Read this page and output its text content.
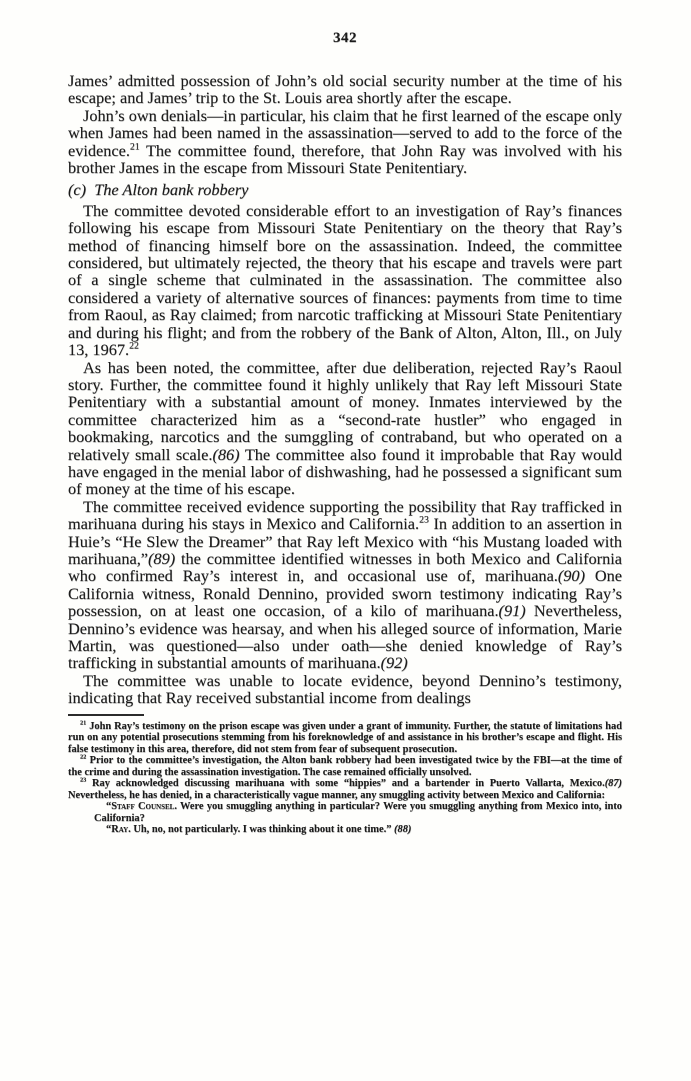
342

James’ admitted possession of John’s old social security number at the time of his escape; and James’ trip to the St. Louis area shortly after the escape.

John’s own denials—in particular, his claim that he first learned of the escape only when James had been named in the assassination—served to add to the force of the evidence.$^{21}$ The committee found, therefore, that John Ray was involved with his brother James in the escape from Missouri State Penitentiary.

(c) The Alton bank robbery

The committee devoted considerable effort to an investigation of Ray’s finances following his escape from Missouri State Penitentiary on the theory that Ray’s method of financing himself bore on the assassination. Indeed, the committee considered, but ultimately rejected, the theory that his escape and travels were part of a single scheme that culminated in the assassination. The committee also considered a variety of alternative sources of finances: payments from time to time from Raoul, as Ray claimed; from narcotic trafficking at Missouri State Penitentiary and during his flight; and from the robbery of the Bank of Alton, Alton, Ill., on July 13, 1967.22

As has been noted, the committee, after due deliberation, rejected Ray’s Raoul story. Further, the committee found it highly unlikely that Ray left Missouri State Penitentiary with a substantial amount of money. Inmates interviewed by the committee characterized him as a “second-rate hustler” who engaged in bookmaking, narcotics and the sumggling of contraband, but who operated on a relatively small scale.(86) The committee also found it improbable that Ray would have engaged in the menial labor of dishwashing, had he possessed a significant sum of money at the time of his escape.

The committee received evidence supporting the possibility that Ray trafficked in marihuana during his stays in Mexico and California.$^{23}$ In addition to an assertion in Huie’s “He Slew the Dreamer” that Ray left Mexico with “his Mustang loaded with marihuana,”(89) the committee identified witnesses in both Mexico and California who confirmed Ray’s interest in, and occasional use of, marihuana.(90) One California witness, Ronald Dennino, provided sworn testimony indicating Ray’s possession, on at least one occasion, of a kilo of marihuana.(91) Nevertheless, Dennino’s evidence was hearsay, and when his alleged source of information, Marie Martin, was questioned—also under oath—she denied knowledge of Ray’s trafficking in substantial amounts of marihuana.(92)

The committee was unable to locate evidence, beyond Dennino’s testimony, indicating that Ray received substantial income from dealings

$^{21}$ John Ray’s testimony on the prison escape was given under a grant of immunity. Further, the statute of limitations had run on any potential prosecutions stemming from his foreknowledge of and assistance in his brother’s escape and flight. His false testimony in this area, therefore, did not stem from fear of subsequent prosecution.

$^{22}$ Prior to the committee’s investigation, the Alton bank robbery had been investigated twice by the FBI—at the time of the crime and during the assassination investigation. The case remained officially unsolved.

$^{23}$ Ray acknowledged discussing marihuana with some “hippies” and a bartender in Puerto Vallarta, Mexico.(87) Nevertheless, he has denied, in a characteristically vague manner, any smuggling activity between Mexico and California:

“Staff Counsel. Were you smuggling anything in particular? Were you smuggling anything from Mexico into, into California?

“Ray. Uh, no, not particularly. I was thinking about it one time.” (88)
